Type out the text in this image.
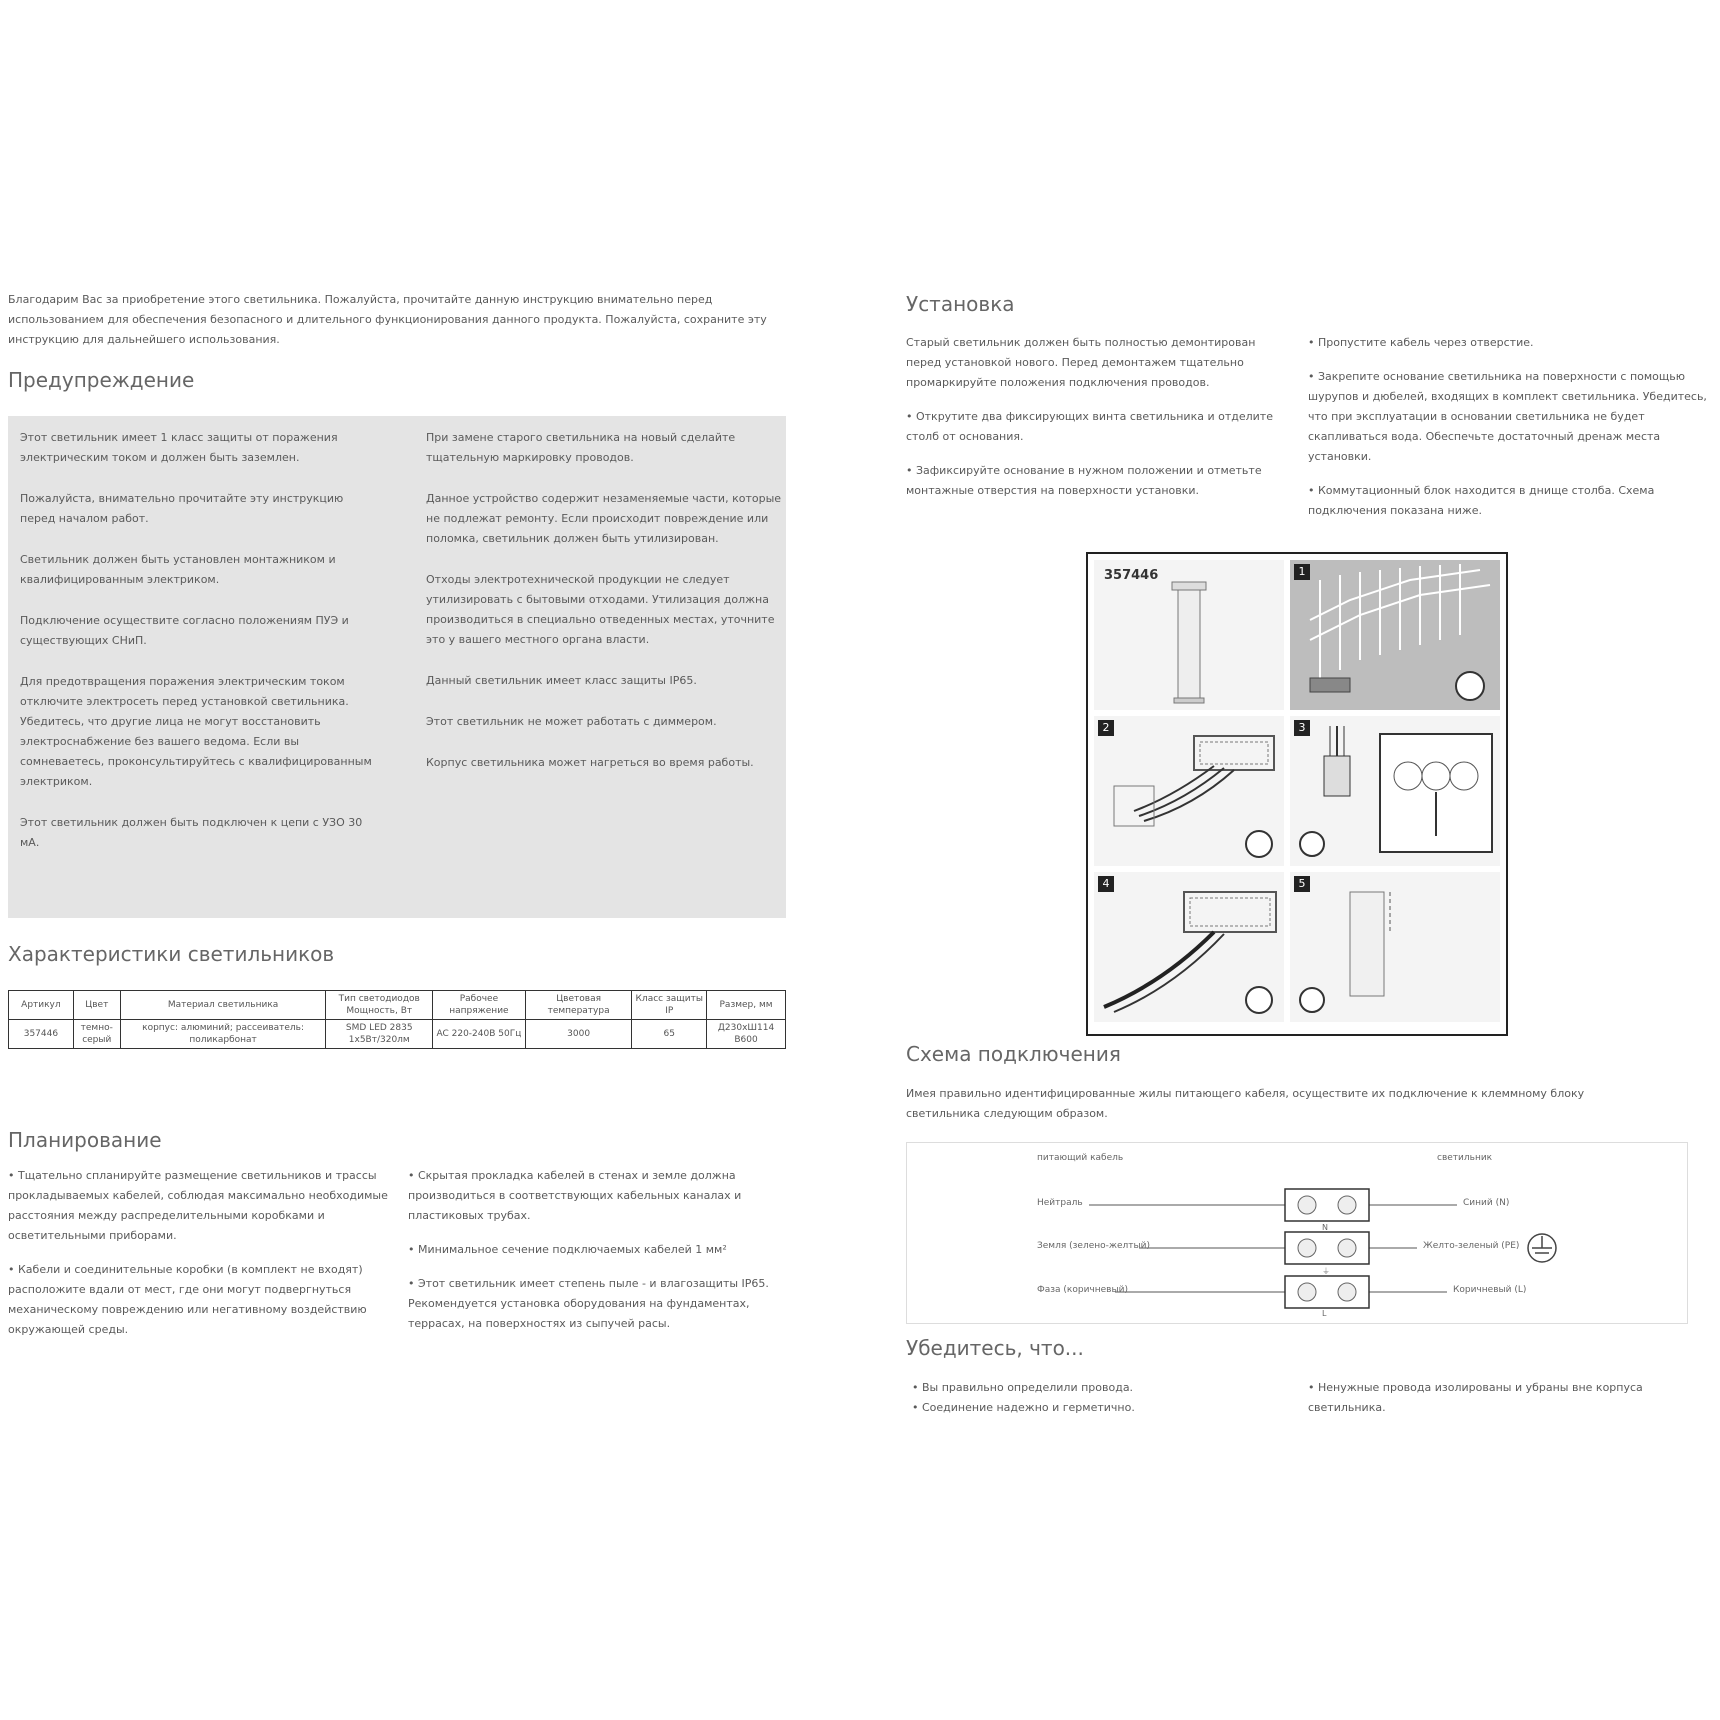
Благодарим Вас за приобретение этого светильника. Пожалуйста, прочитайте данную инструкцию внимательно перед использованием для обеспечения безопасного и длительного функционирования данного продукта. Пожалуйста, сохраните эту инструкцию для дальнейшего использования.
Предупреждение

Этот светильник имеет 1 класс защиты от поражения электрическим током и должен быть заземлен.

Пожалуйста, внимательно прочитайте эту инструкцию перед началом работ.

Светильник должен быть установлен монтажником и квалифицированным электриком.

Подключение осуществите согласно положениям ПУЭ и существующих СНиП.

Для предотвращения поражения электрическим током отключите электросеть перед установкой светильника. Убедитесь, что другие лица не могут восстановить электроснабжение без вашего ведома. Если вы сомневаетесь, проконсультируйтесь с квалифицированным электриком.

Этот светильник должен быть подключен к цепи с УЗО 30 мА.

При замене старого светильника на новый сделайте тщательную маркировку проводов.

Данное устройство содержит незаменяемые части, которые не подлежат ремонту. Если происходит повреждение или поломка, светильник должен быть утилизирован.

Отходы электротехнической продукции не следует утилизировать с бытовыми отходами. Утилизация должна производиться в специально отведенных местах, уточните это у вашего местного органа власти.

Данный светильник имеет класс защиты IP65.

Этот светильник не может работать с диммером.

Корпус светильника может нагреться во время работы.

Характеристики светильников
Артикул	Цвет	Материал светильника	Тип светодиодов Мощность, Вт	Рабочее напряжение	Цветовая температура	Класс защиты IP	Размер, мм
357446	темно-серый	корпус: алюминий; рассеиватель: поликарбонат	SMD LED 2835 1х5Вт/320лм	AC 220-240В 50Гц	3000	65	Д230хШ114 В600
Планирование

• Тщательно спланируйте размещение светильников и трассы прокладываемых кабелей, соблюдая максимально необходимые расстояния между распределительными коробками и осветительными приборами.

• Кабели и соединительные коробки (в комплект не входят) расположите вдали от мест, где они могут подвергнуться механическому повреждению или негативному воздействию окружающей среды.

• Скрытая прокладка кабелей в стенах и земле должна производиться в соответствующих кабельных каналах и пластиковых трубах.

• Минимальное сечение подключаемых кабелей 1 мм²

• Этот светильник имеет степень пыле - и влагозащиты IP65. Рекомендуется установка оборудования на фундаментах, террасах, на поверхностях из сыпучей расы.

Установка

Старый светильник должен быть полностью демонтирован перед установкой нового. Перед демонтажем тщательно промаркируйте положения подключения проводов.

• Открутите два фиксирующих винта светильника и отделите столб от основания.

• Зафиксируйте основание в нужном положении и отметьте монтажные отверстия на поверхности установки.

• Пропустите кабель через отверстие.

• Закрепите основание светильника на поверхности с помощью шурупов и дюбелей, входящих в комплект светильника. Убедитесь, что при эксплуатации в основании светильника не будет скапливаться вода. Обеспечьте достаточный дренаж места установки.

• Коммутационный блок находится в днище столба. Схема подключения показана ниже.

357446	1
2	3
4	5
Схема подключения
Имея правильно идентифицированные жилы питающего кабеля, осуществите их подключение к клеммному блоку светильника следующим образом.
питающий кабель	светильник
Нейтраль
Земля (зелено-желтый)
Фаза (коричневый)
Синий (N)
Желто-зеленый (PE)
Коричневый (L)
N
⏚
L
Убедитесь, что...
• Вы правильно определили провода.
• Соединение надежно и герметично.
• Ненужные провода изолированы и убраны вне корпуса светильника.
